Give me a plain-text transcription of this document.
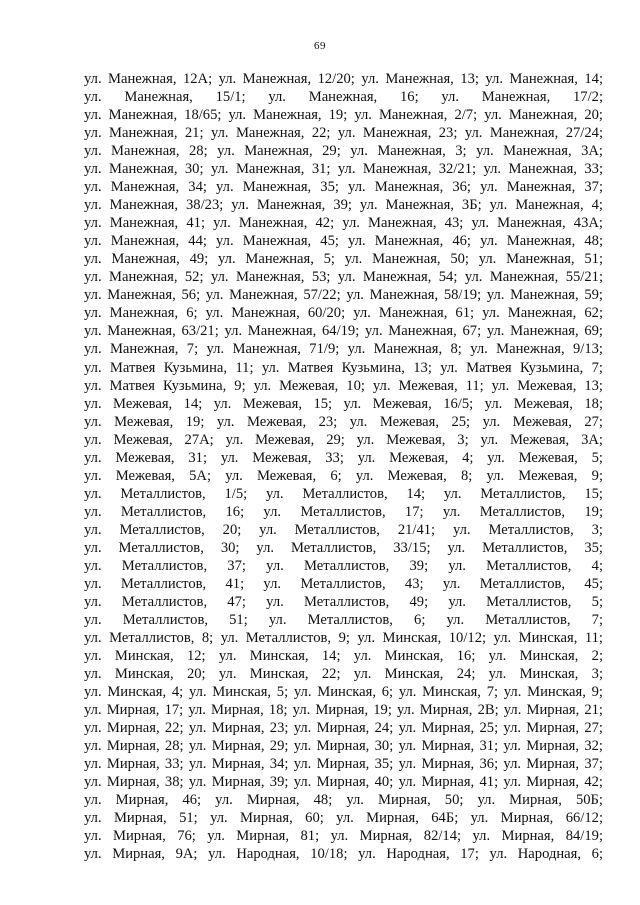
69
ул. Манежная, 12А; ул. Манежная, 12/20; ул. Манежная, 13; ул. Манежная, 14;
ул. Манежная, 15/1; ул. Манежная, 16; ул. Манежная, 17/2;
ул. Манежная, 18/65; ул. Манежная, 19; ул. Манежная, 2/7; ул. Манежная, 20;
ул. Манежная, 21; ул. Манежная, 22; ул. Манежная, 23; ул. Манежная, 27/24;
ул. Манежная, 28; ул. Манежная, 29; ул. Манежная, 3; ул. Манежная, 3А;
ул. Манежная, 30; ул. Манежная, 31; ул. Манежная, 32/21; ул. Манежная, 33;
ул. Манежная, 34; ул. Манежная, 35; ул. Манежная, 36; ул. Манежная, 37;
ул. Манежная, 38/23; ул. Манежная, 39; ул. Манежная, 3Б; ул. Манежная, 4;
ул. Манежная, 41; ул. Манежная, 42; ул. Манежная, 43; ул. Манежная, 43А;
ул. Манежная, 44; ул. Манежная, 45; ул. Манежная, 46; ул. Манежная, 48;
ул. Манежная, 49; ул. Манежная, 5; ул. Манежная, 50; ул. Манежная, 51;
ул. Манежная, 52; ул. Манежная, 53; ул. Манежная, 54; ул. Манежная, 55/21;
ул. Манежная, 56; ул. Манежная, 57/22; ул. Манежная, 58/19; ул. Манежная, 59;
ул. Манежная, 6; ул. Манежная, 60/20; ул. Манежная, 61; ул. Манежная, 62;
ул. Манежная, 63/21; ул. Манежная, 64/19; ул. Манежная, 67; ул. Манежная, 69;
ул. Манежная, 7; ул. Манежная, 71/9; ул. Манежная, 8; ул. Манежная, 9/13;
ул. Матвея Кузьмина, 11; ул. Матвея Кузьмина, 13; ул. Матвея Кузьмина, 7;
ул. Матвея Кузьмина, 9; ул. Межевая, 10; ул. Межевая, 11; ул. Межевая, 13;
ул. Межевая, 14; ул. Межевая, 15; ул. Межевая, 16/5; ул. Межевая, 18;
ул. Межевая, 19; ул. Межевая, 23; ул. Межевая, 25; ул. Межевая, 27;
ул. Межевая, 27А; ул. Межевая, 29; ул. Межевая, 3; ул. Межевая, 3А;
ул. Межевая, 31; ул. Межевая, 33; ул. Межевая, 4; ул. Межевая, 5;
ул. Межевая, 5А; ул. Межевая, 6; ул. Межевая, 8; ул. Межевая, 9;
ул. Металлистов, 1/5; ул. Металлистов, 14; ул. Металлистов, 15;
ул. Металлистов, 16; ул. Металлистов, 17; ул. Металлистов, 19;
ул. Металлистов, 20; ул. Металлистов, 21/41; ул. Металлистов, 3;
ул. Металлистов, 30; ул. Металлистов, 33/15; ул. Металлистов, 35;
ул. Металлистов, 37; ул. Металлистов, 39; ул. Металлистов, 4;
ул. Металлистов, 41; ул. Металлистов, 43; ул. Металлистов, 45;
ул. Металлистов, 47; ул. Металлистов, 49; ул. Металлистов, 5;
ул. Металлистов, 51; ул. Металлистов, 6; ул. Металлистов, 7;
ул. Металлистов, 8; ул. Металлистов, 9; ул. Минская, 10/12; ул. Минская, 11;
ул. Минская, 12; ул. Минская, 14; ул. Минская, 16; ул. Минская, 2;
ул. Минская, 20; ул. Минская, 22; ул. Минская, 24; ул. Минская, 3;
ул. Минская, 4; ул. Минская, 5; ул. Минская, 6; ул. Минская, 7; ул. Минская, 9;
ул. Мирная, 17; ул. Мирная, 18; ул. Мирная, 19; ул. Мирная, 2В; ул. Мирная, 21;
ул. Мирная, 22; ул. Мирная, 23; ул. Мирная, 24; ул. Мирная, 25; ул. Мирная, 27;
ул. Мирная, 28; ул. Мирная, 29; ул. Мирная, 30; ул. Мирная, 31; ул. Мирная, 32;
ул. Мирная, 33; ул. Мирная, 34; ул. Мирная, 35; ул. Мирная, 36; ул. Мирная, 37;
ул. Мирная, 38; ул. Мирная, 39; ул. Мирная, 40; ул. Мирная, 41; ул. Мирная, 42;
ул. Мирная, 46; ул. Мирная, 48; ул. Мирная, 50; ул. Мирная, 50Б;
ул. Мирная, 51; ул. Мирная, 60; ул. Мирная, 64Б; ул. Мирная, 66/12;
ул. Мирная, 76; ул. Мирная, 81; ул. Мирная, 82/14; ул. Мирная, 84/19;
ул. Мирная, 9А; ул. Народная, 10/18; ул. Народная, 17; ул. Народная, 6;
